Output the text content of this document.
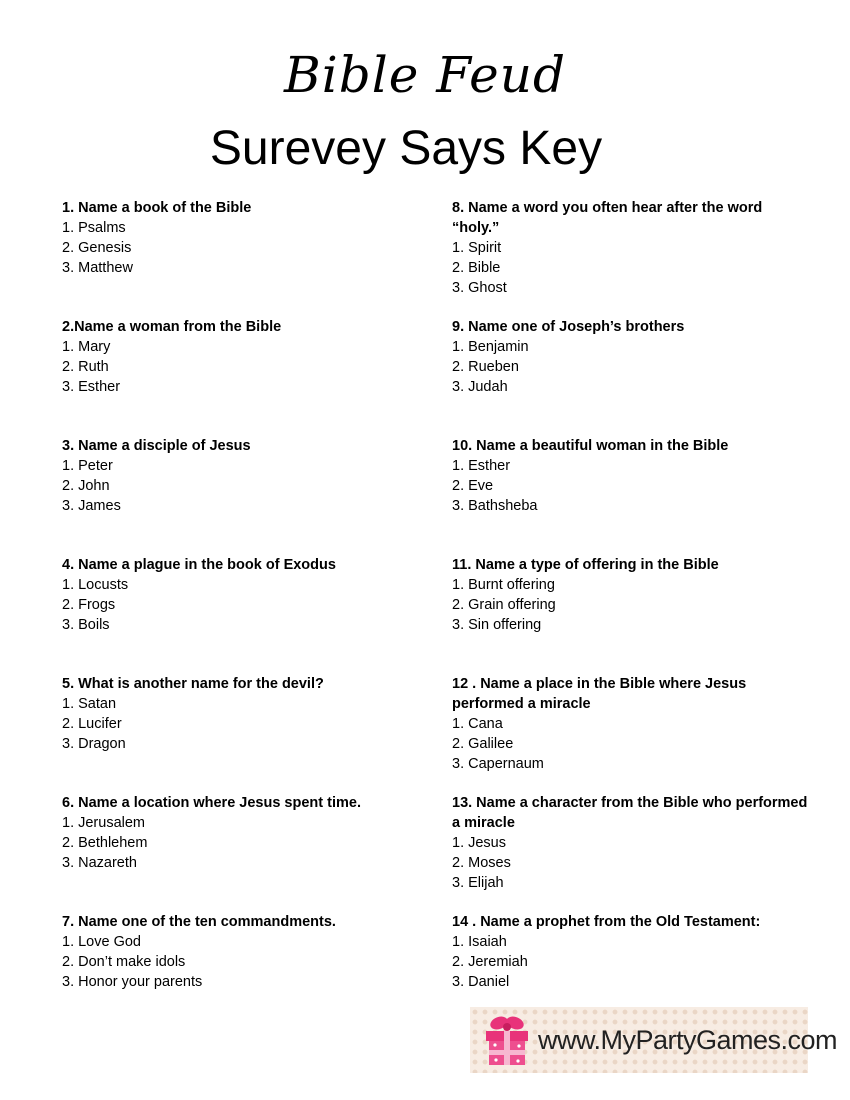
Bible Feud
Surevey Says Key

1. Name a book of the Bible

1. Psalms
2. Genesis
3. Matthew

2.Name a woman from the Bible

1. Mary
2. Ruth
3. Esther

3. Name a disciple of Jesus

1. Peter
2. John
3. James

4. Name a plague in the book of Exodus

1. Locusts
2. Frogs
3. Boils

5. What is another name for the devil?

1. Satan
2. Lucifer
3. Dragon

6. Name a location where Jesus spent time.

1. Jerusalem
2. Bethlehem
3. Nazareth

7. Name one of the ten commandments.

1. Love God
2. Don’t make idols
3. Honor your parents

8. Name a word you often hear after the word “holy.”

1. Spirit
2. Bible
3. Ghost

9. Name one of Joseph’s brothers

1. Benjamin
2. Rueben
3. Judah

10. Name a beautiful woman in the Bible

1. Esther
2. Eve
3. Bathsheba

11. Name a type of offering in the Bible

1. Burnt offering
2. Grain offering
3. Sin offering

12 . Name a place in the Bible where Jesus performed a miracle

1. Cana
2. Galilee
3. Capernaum

13. Name a character from the Bible who performed a miracle

1. Jesus
2. Moses
3. Elijah

14 . Name a prophet from the Old Testament:

1. Isaiah
2. Jeremiah
3. Daniel
www.MyPartyGames.com
